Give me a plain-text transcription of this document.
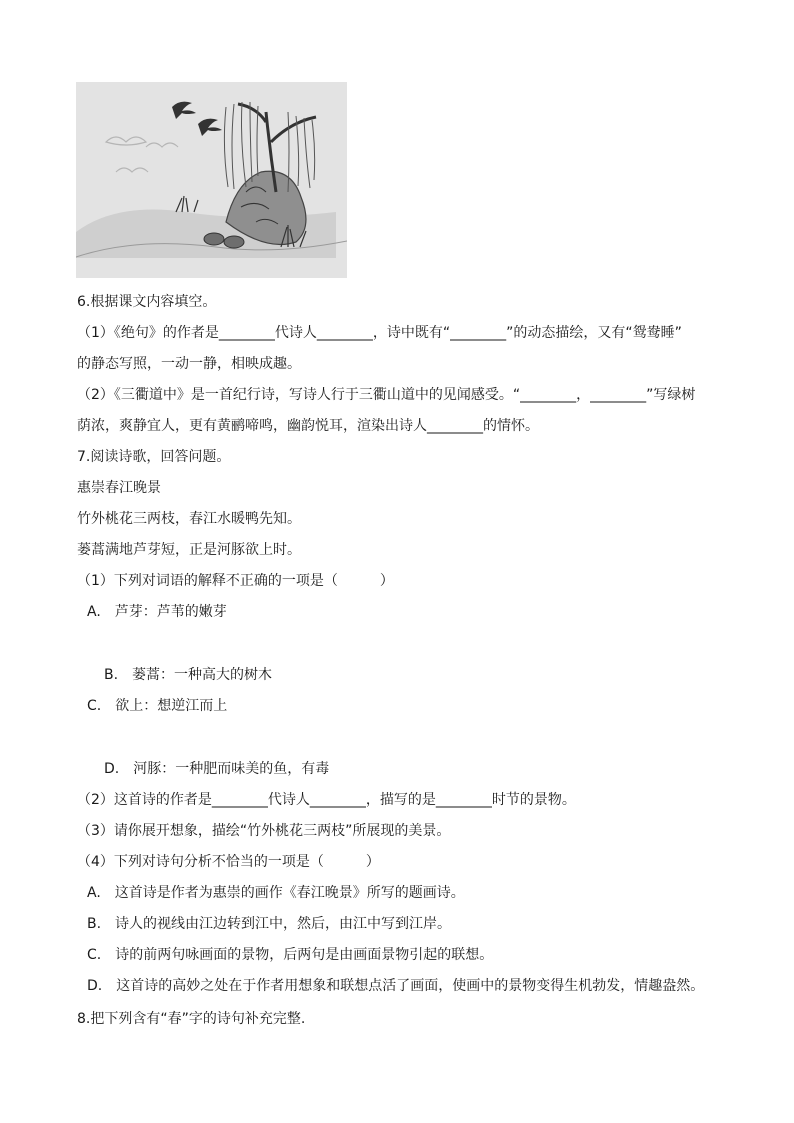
6.根据课文内容填空。
（1）《绝句》的作者是________代诗人________，诗中既有“________”的动态描绘，又有“鸳鸯睡”
的静态写照，一动一静，相映成趣。
（2）《三衢道中》是一首纪行诗，写诗人行于三衢山道中的见闻感受。“________，________”写绿树
荫浓，爽静宜人，更有黄鹂啼鸣，幽韵悦耳，渲染出诗人________的情怀。
7.阅读诗歌，回答问题。
惠崇春江晚景
竹外桃花三两枝，春江水暖鸭先知。
蒌蒿满地芦芽短，正是河豚欲上时。
（1）下列对词语的解释不正确的一项是（　　　）
A.　芦芽：芦苇的嫩芽
B.　蒌蒿：一种高大的树木
C.　欲上：想逆江而上
D.　河豚：一种肥而味美的鱼，有毒
（2）这首诗的作者是________代诗人________，描写的是________时节的景物。
（3）请你展开想象，描绘“竹外桃花三两枝”所展现的美景。
（4）下列对诗句分析不恰当的一项是（　　　）
A.　这首诗是作者为惠崇的画作《春江晚景》所写的题画诗。
B.　诗人的视线由江边转到江中，然后，由江中写到江岸。
C.　诗的前两句咏画面的景物，后两句是由画面景物引起的联想。
D.　这首诗的高妙之处在于作者用想象和联想点活了画面，使画中的景物变得生机勃发，情趣盎然。
8.把下列含有“春”字的诗句补充完整.
